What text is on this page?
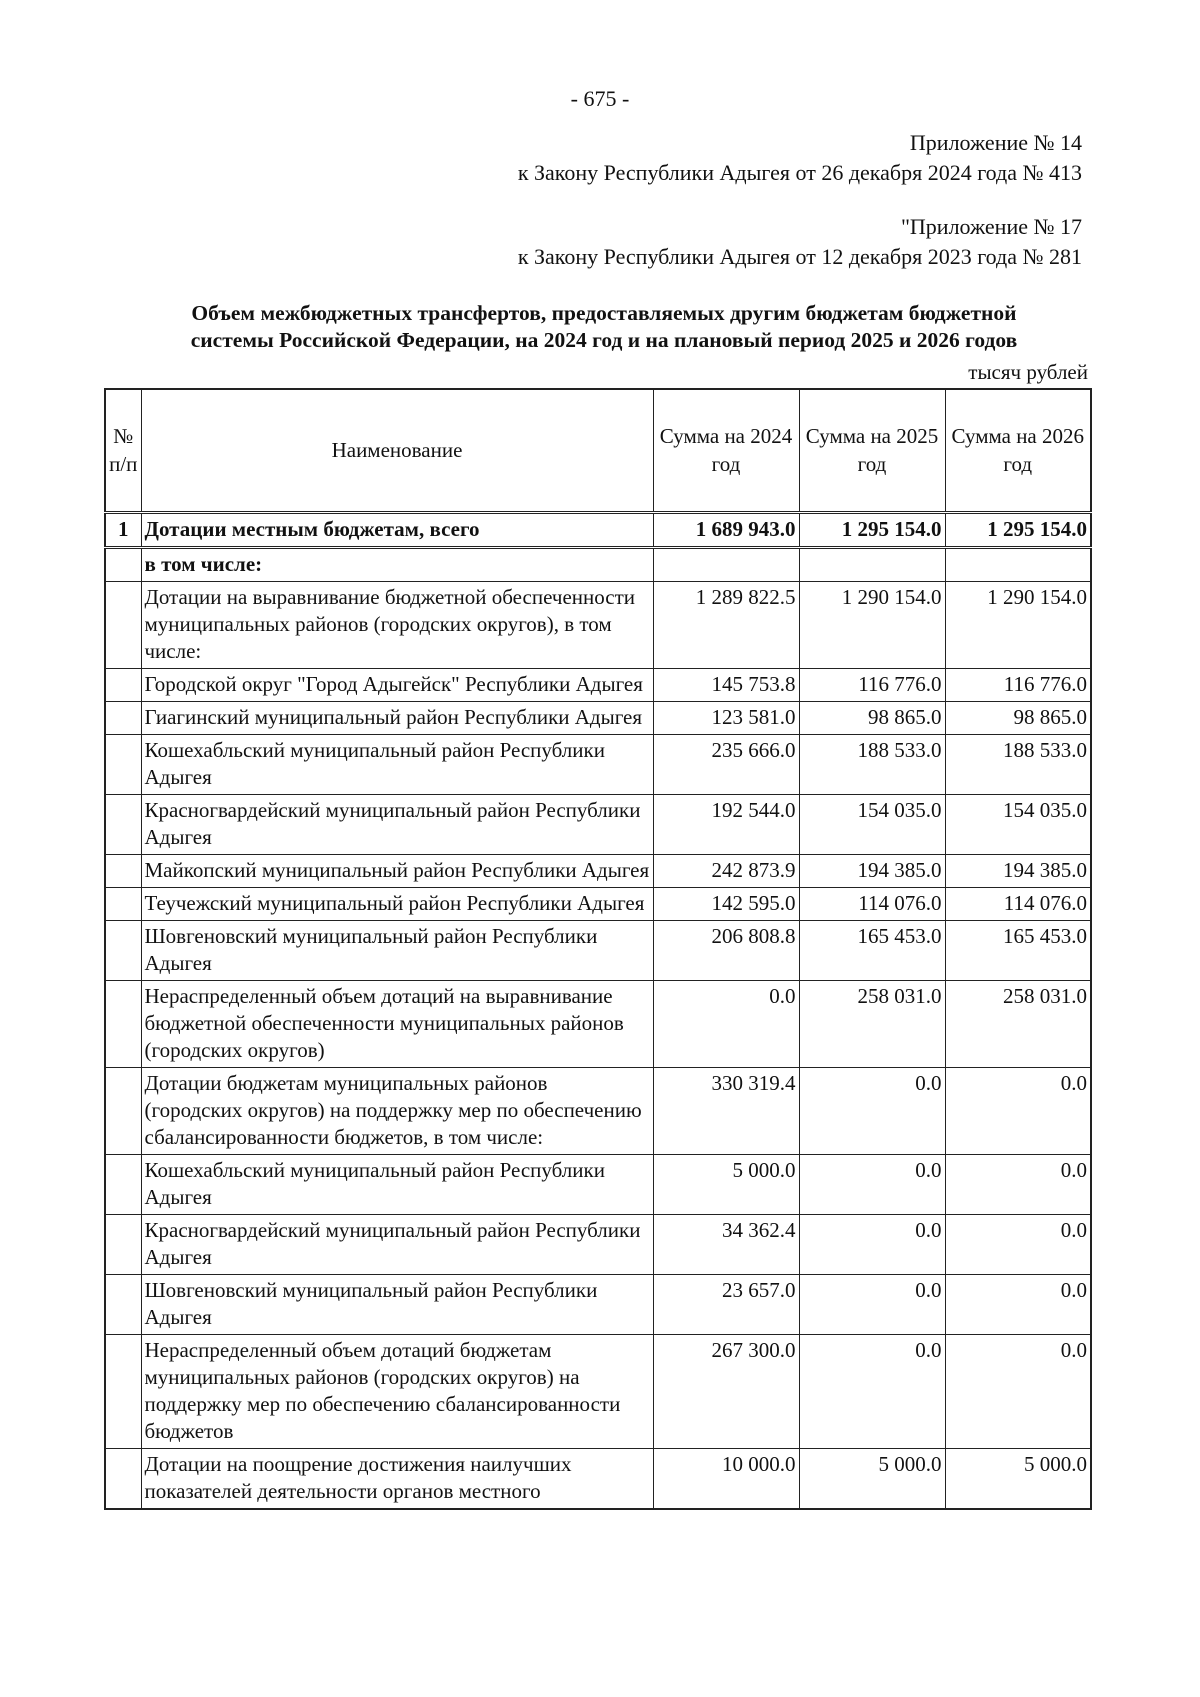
- 675 -
Приложение № 14
к Закону Республики Адыгея от 26 декабря 2024 года № 413
"Приложение № 17
к Закону Республики Адыгея от 12 декабря 2023 года № 281
Объем межбюджетных трансфертов, предоставляемых другим бюджетам бюджетной
системы Российской Федерации, на 2024 год и на плановый период 2025 и 2026 годов
тысяч рублей
№ п/п	Наименование	Сумма на 2024 год	Сумма на 2025 год	Сумма на 2026 год
1	Дотации местным бюджетам, всего	1 689 943.0	1 295 154.0	1 295 154.0
	в том числе:			
	Дотации на выравнивание бюджетной обеспеченности муниципальных районов (городских округов), в том числе:	1 289 822.5	1 290 154.0	1 290 154.0
	Городской округ "Город Адыгейск" Республики Адыгея	145 753.8	116 776.0	116 776.0
	Гиагинский муниципальный район Республики Адыгея	123 581.0	98 865.0	98 865.0
	Кошехабльский муниципальный район Республики Адыгея	235 666.0	188 533.0	188 533.0
	Красногвардейский муниципальный район Республики Адыгея	192 544.0	154 035.0	154 035.0
	Майкопский муниципальный район Республики Адыгея	242 873.9	194 385.0	194 385.0
	Теучежский муниципальный район Республики Адыгея	142 595.0	114 076.0	114 076.0
	Шовгеновский муниципальный район Республики Адыгея	206 808.8	165 453.0	165 453.0
	Нераспределенный объем дотаций на выравнивание бюджетной обеспеченности муниципальных районов (городских округов)	0.0	258 031.0	258 031.0
	Дотации бюджетам муниципальных районов (городских округов) на поддержку мер по обеспечению сбалансированности бюджетов, в том числе:	330 319.4	0.0	0.0
	Кошехабльский муниципальный район Республики Адыгея	5 000.0	0.0	0.0
	Красногвардейский муниципальный район Республики Адыгея	34 362.4	0.0	0.0
	Шовгеновский муниципальный район Республики Адыгея	23 657.0	0.0	0.0
	Нераспределенный объем дотаций бюджетам муниципальных районов (городских округов) на поддержку мер по обеспечению сбалансированности бюджетов	267 300.0	0.0	0.0
	Дотации на поощрение достижения наилучших показателей деятельности органов местного	10 000.0	5 000.0	5 000.0
